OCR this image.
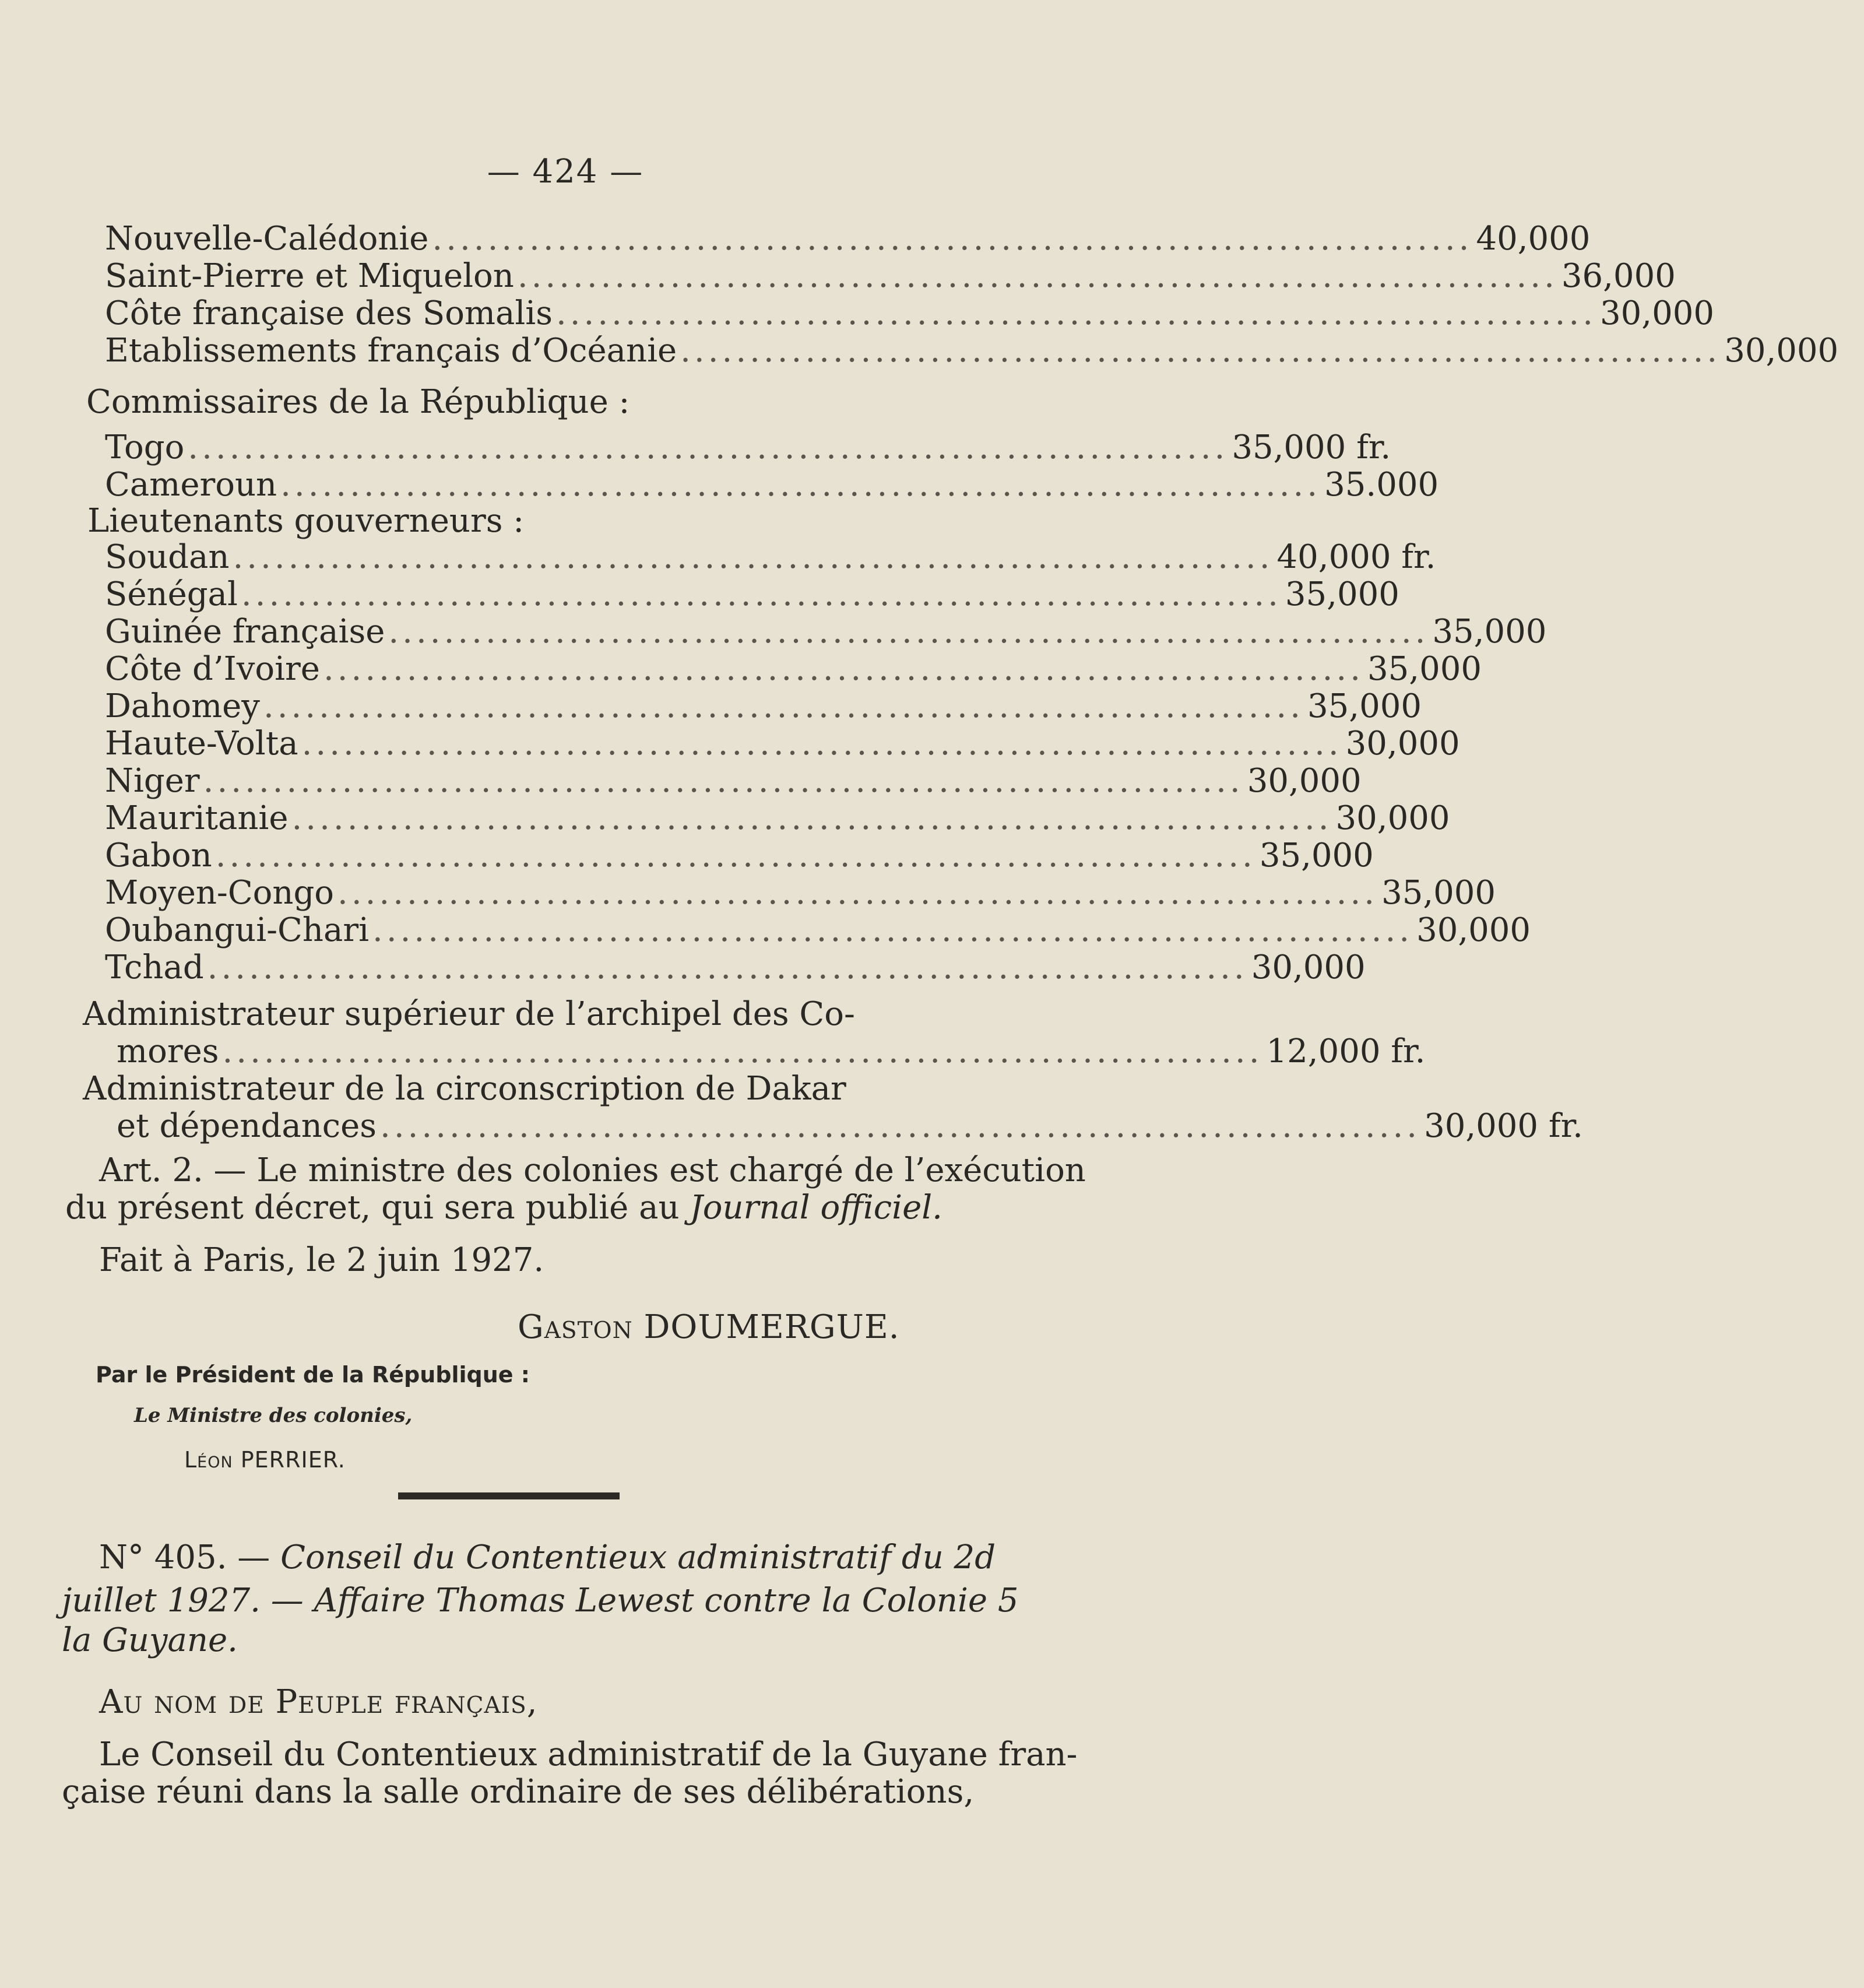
— 424 —
Nouvelle-Calédonie ........................................................................... 40,000
Saint-Pierre et Miquelon ........................................................................... 36,000
Côte française des Somalis ........................................................................... 30,000
Etablissements français d’Océanie ........................................................................... 30,000
Commissaires de la République :
Togo ........................................................................... 35,000 fr.
Cameroun ........................................................................... 35.000
Lieutenants gouverneurs :
Soudan ........................................................................... 40,000 fr.
Sénégal ........................................................................... 35,000
Guinée française ........................................................................... 35,000
Côte d’Ivoire ........................................................................... 35,000
Dahomey ........................................................................... 35,000
Haute-Volta ........................................................................... 30,000
Niger ........................................................................... 30,000
Mauritanie ........................................................................... 30,000
Gabon ........................................................................... 35,000
Moyen-Congo ........................................................................... 35,000
Oubangui-Chari ........................................................................... 30,000
Tchad ........................................................................... 30,000
Administrateur supérieur de l’archipel des Co-
mores ........................................................................... 12,000 fr.
Administrateur de la circonscription de Dakar
et dépendances ........................................................................... 30,000 fr.
Art. 2. — Le ministre des colonies est chargé de l’exécution
du présent décret, qui sera publié au Journal officiel.
Fait à Paris, le 2 juin 1927.
Gaston DOUMERGUE.
Par le Président de la République :
Le Ministre des colonies,
Léon PERRIER.
N° 405. — Conseil du Contentieux administratif du 2d
juillet 1927. — Affaire Thomas Lewest contre la Colonie 5
la Guyane.
Au nom de Peuple français,
Le Conseil du Contentieux administratif de la Guyane fran-
çaise réuni dans la salle ordinaire de ses délibérations,
